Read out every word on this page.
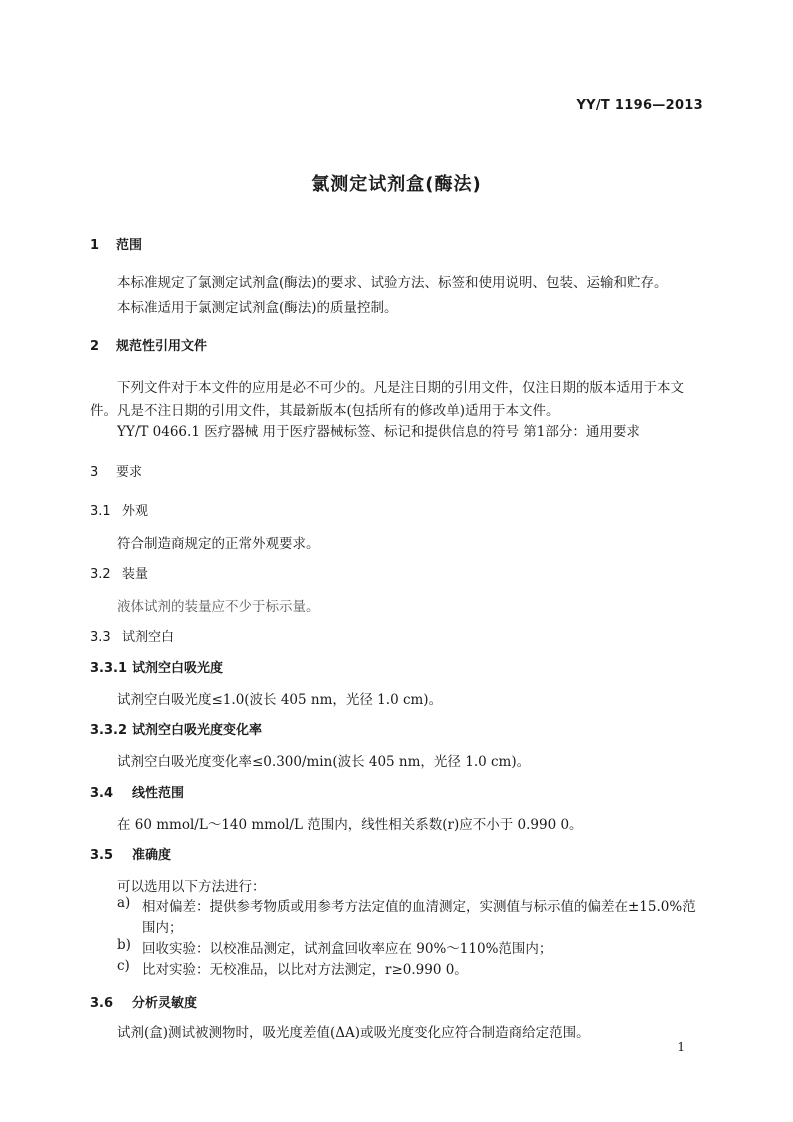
YY/T 1196—2013
氯测定试剂盒(酶法)
1 范围
本标准规定了氯测定试剂盒(酶法)的要求、试验方法、标签和使用说明、包装、运输和贮存。
本标准适用于氯测定试剂盒(酶法)的质量控制。
2 规范性引用文件
下列文件对于本文件的应用是必不可少的。凡是注日期的引用文件，仅注日期的版本适用于本文
件。凡是不注日期的引用文件，其最新版本(包括所有的修改单)适用于本文件。
YY/T 0466.1 医疗器械 用于医疗器械标签、标记和提供信息的符号 第1部分：通用要求
3 要求
3.1 外观
符合制造商规定的正常外观要求。
3.2 装量
液体试剂的装量应不少于标示量。
3.3 试剂空白
3.3.1 试剂空白吸光度
试剂空白吸光度≤1.0(波长 405 nm，光径 1.0 cm)。
3.3.2 试剂空白吸光度变化率
试剂空白吸光度变化率≤0.300/min(波长 405 nm，光径 1.0 cm)。
3.4 线性范围
在 60 mmol/L～140 mmol/L 范围内，线性相关系数(r)应不小于 0.990 0。
3.5 准确度
可以选用以下方法进行：
a) 相对偏差：提供参考物质或用参考方法定值的血清测定，实测值与标示值的偏差在±15.0%范
围内；
b) 回收实验：以校准品测定，试剂盒回收率应在 90%～110%范围内；
c) 比对实验：无校准品，以比对方法测定，r≥0.990 0。
3.6 分析灵敏度
试剂(盒)测试被测物时，吸光度差值(ΔA)或吸光度变化应符合制造商给定范围。
1
